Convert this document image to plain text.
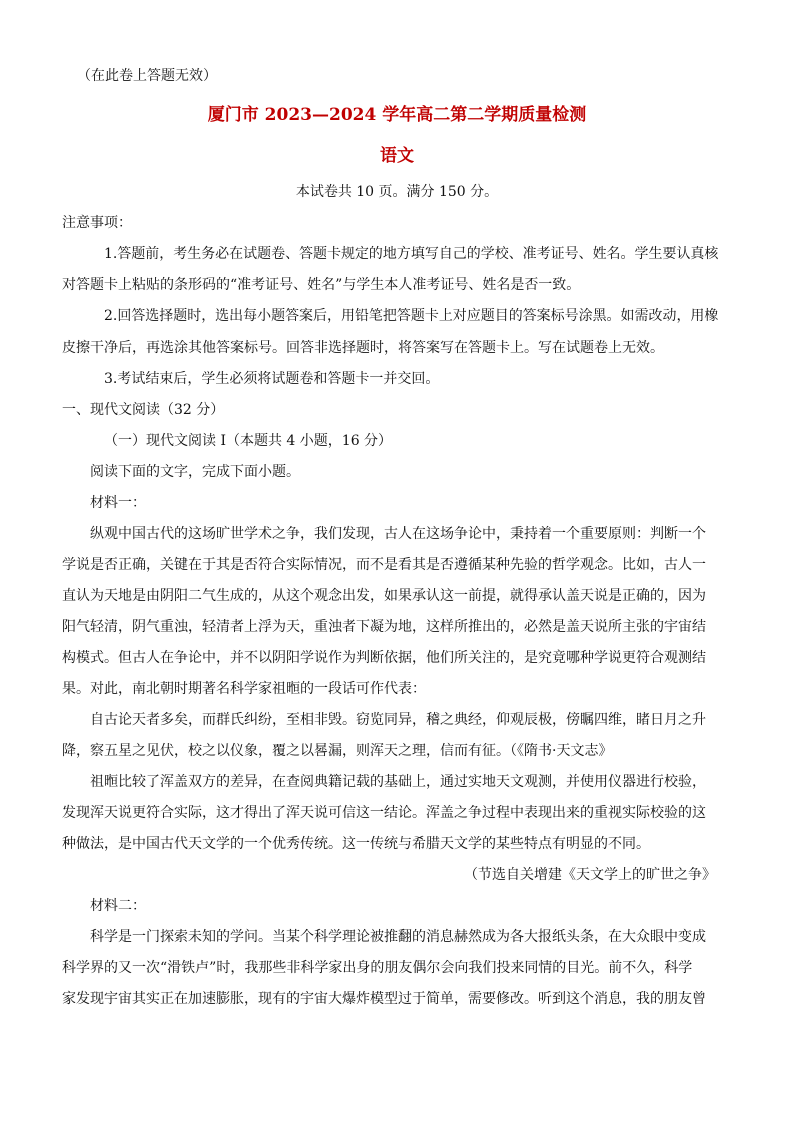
（在此卷上答题无效）
厦门市 2023—2024 学年高二第二学期质量检测
语文
本试卷共 10 页。满分 150 分。
注意事项：
1.答题前，考生务必在试题卷、答题卡规定的地方填写自己的学校、准考证号、姓名。学生要认真核
对答题卡上粘贴的条形码的“准考证号、姓名”与学生本人准考证号、姓名是否一致。
2.回答选择题时，选出每小题答案后，用铅笔把答题卡上对应题目的答案标号涂黑。如需改动，用橡
皮擦干净后，再选涂其他答案标号。回答非选择题时，将答案写在答题卡上。写在试题卷上无效。
3.考试结束后，学生必须将试题卷和答题卡一并交回。
一、现代文阅读（32 分）
（一）现代文阅读 I（本题共 4 小题，16 分）
阅读下面的文字，完成下面小题。
材料一：
纵观中国古代的这场旷世学术之争，我们发现，古人在这场争论中，秉持着一个重要原则：判断一个
学说是否正确，关键在于其是否符合实际情况，而不是看其是否遵循某种先验的哲学观念。比如，古人一
直认为天地是由阴阳二气生成的，从这个观念出发，如果承认这一前提，就得承认盖天说是正确的，因为
阳气轻清，阴气重浊，轻清者上浮为天，重浊者下凝为地，这样所推出的，必然是盖天说所主张的宇宙结
构模式。但古人在争论中，并不以阴阳学说作为判断依据，他们所关注的，是究竟哪种学说更符合观测结
果。对此，南北朝时期著名科学家祖暅的一段话可作代表：
自古论天者多矣，而群氏纠纷，至相非毁。窃览同异，稽之典经，仰观辰极，傍瞩四维，睹日月之升
降，察五星之见伏，校之以仪象，覆之以晷漏，则浑天之理，信而有征。（《隋书·天文志》
祖暅比较了浑盖双方的差异，在查阅典籍记载的基础上，通过实地天文观测，并使用仪器进行校验，
发现浑天说更符合实际，这才得出了浑天说可信这一结论。浑盖之争过程中表现出来的重视实际校验的这
种做法，是中国古代天文学的一个优秀传统。这一传统与希腊天文学的某些特点有明显的不同。
（节选自关增建《天文学上的旷世之争》
材料二：
科学是一门探索未知的学问。当某个科学理论被推翻的消息赫然成为各大报纸头条，在大众眼中变成
科学界的又一次“滑铁卢”时，我那些非科学家出身的朋友偶尔会向我们投来同情的目光。前不久，科学
家发现宇宙其实正在加速膨胀，现有的宇宙大爆炸模型过于简单，需要修改。听到这个消息，我的朋友曾
